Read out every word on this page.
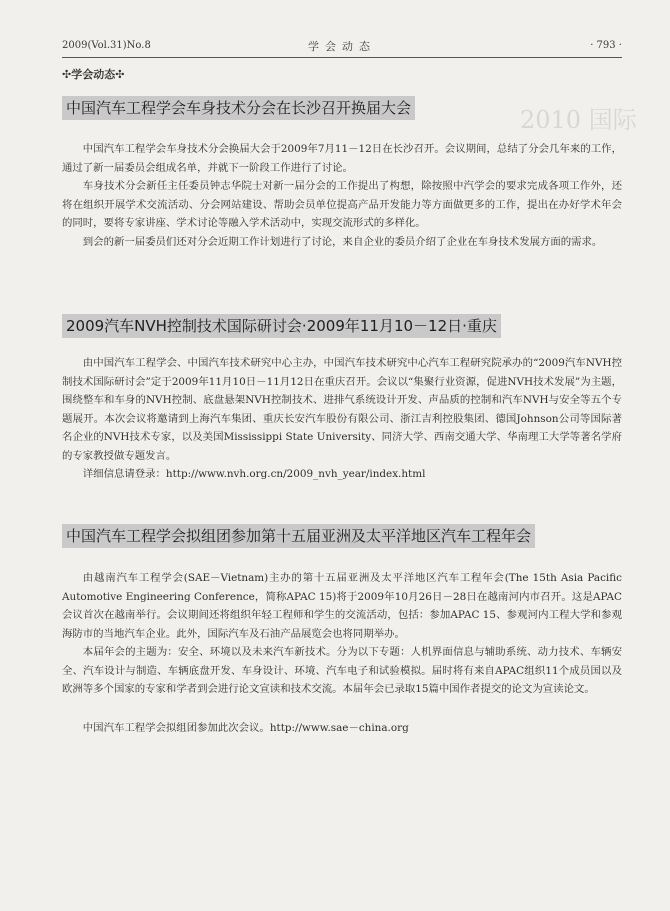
2010 国际
2009(Vol.31)No.8	学会动态	· 793 ·
✣学会动态✣
中国汽车工程学会车身技术分会在长沙召开换届大会

中国汽车工程学会车身技术分会换届大会于2009年7月11－12日在长沙召开。会议期间，总结了分会几年来的工作，通过了新一届委员会组成名单，并就下一阶段工作进行了讨论。

车身技术分会新任主任委员钟志华院士对新一届分会的工作提出了构想，除按照中汽学会的要求完成各项工作外，还将在组织开展学术交流活动、分会网站建设、帮助会员单位提高产品开发能力等方面做更多的工作，提出在办好学术年会的同时，要将专家讲座、学术讨论等融入学术活动中，实现交流形式的多样化。

到会的新一届委员们还对分会近期工作计划进行了讨论，来自企业的委员介绍了企业在车身技术发展方面的需求。

2009汽车NVH控制技术国际研讨会·2009年11月10－12日·重庆

由中国汽车工程学会、中国汽车技术研究中心主办，中国汽车技术研究中心汽车工程研究院承办的“2009汽车NVH控制技术国际研讨会”定于2009年11月10日－11月12日在重庆召开。会议以“集聚行业资源，促进NVH技术发展”为主题，围绕整车和车身的NVH控制、底盘悬架NVH控制技术、进排气系统设计开发、声品质的控制和汽车NVH与安全等五个专题展开。本次会议将邀请到上海汽车集团、重庆长安汽车股份有限公司、浙江吉利控股集团、德国Johnson公司等国际著名企业的NVH技术专家，以及美国Mississippi State University、同济大学、西南交通大学、华南理工大学等著名学府的专家教授做专题发言。

详细信息请登录：http://www.nvh.org.cn/2009_nvh_year/index.html

中国汽车工程学会拟组团参加第十五届亚洲及太平洋地区汽车工程年会

由越南汽车工程学会(SAE－Vietnam)主办的第十五届亚洲及太平洋地区汽车工程年会(The 15th Asia Pacific Automotive Engineering Conference，简称APAC 15)将于2009年10月26日－28日在越南河内市召开。这是APAC会议首次在越南举行。会议期间还将组织年轻工程师和学生的交流活动，包括：参加APAC 15、参观河内工程大学和参观海防市的当地汽车企业。此外，国际汽车及石油产品展览会也将同期举办。

本届年会的主题为：安全、环境以及未来汽车新技术。分为以下专题：人机界面信息与辅助系统、动力技术、车辆安全、汽车设计与制造、车辆底盘开发、车身设计、环境、汽车电子和试验模拟。届时将有来自APAC组织11个成员国以及欧洲等多个国家的专家和学者到会进行论文宣读和技术交流。本届年会已录取15篇中国作者提交的论文为宣读论文。

中国汽车工程学会拟组团参加此次会议。http://www.sae－china.org
